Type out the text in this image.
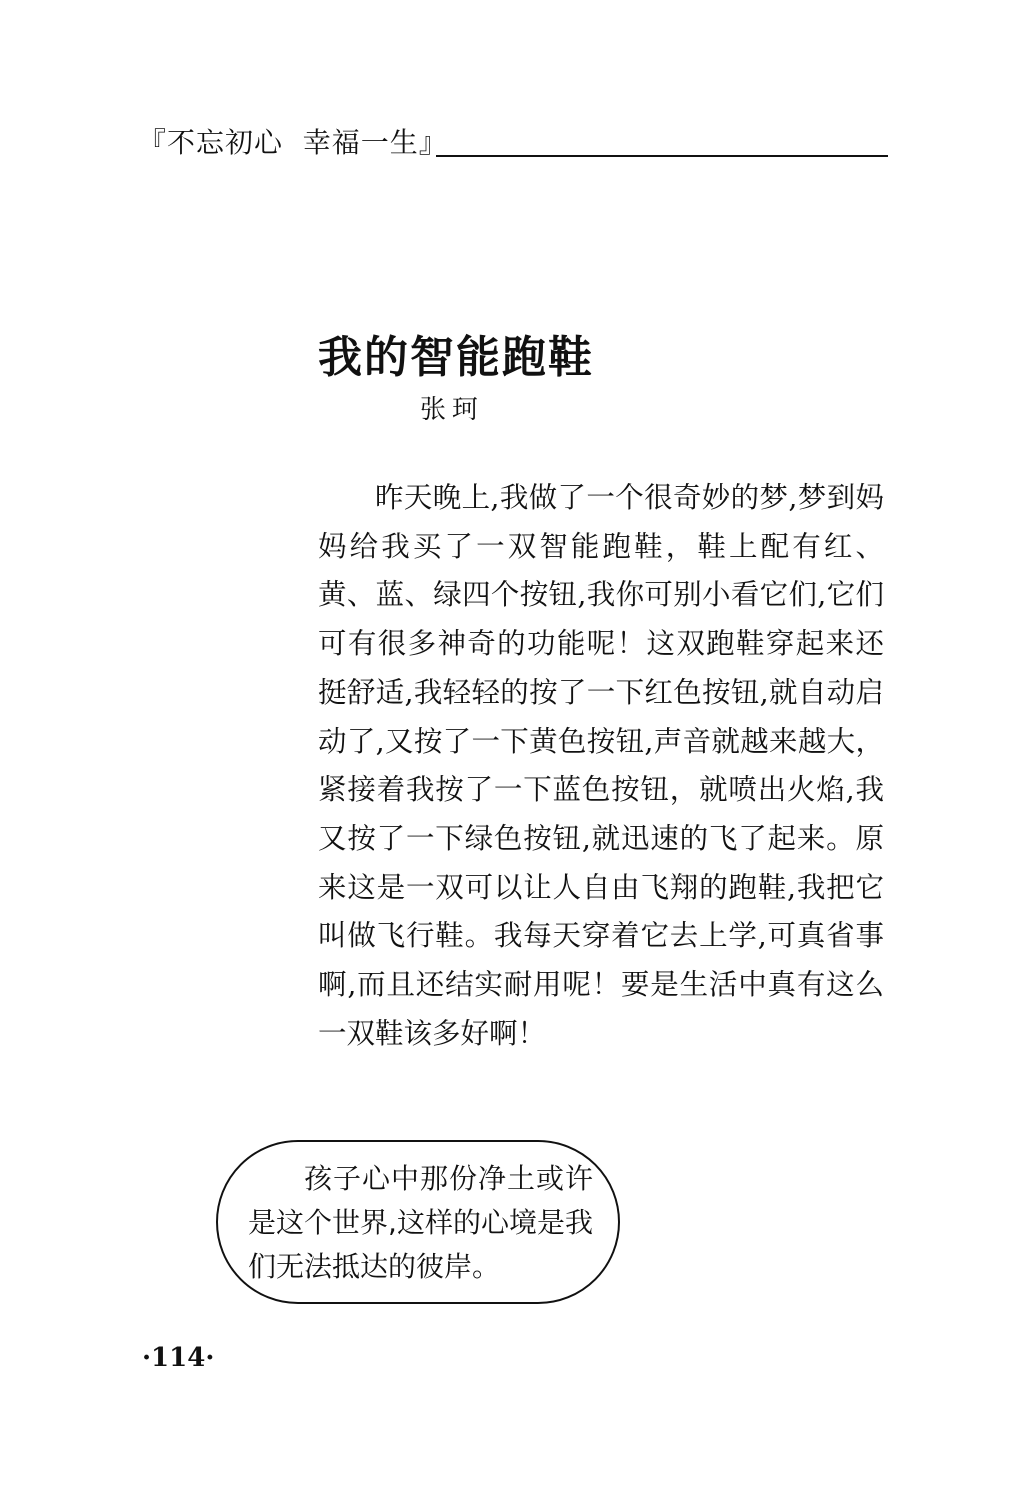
『不忘初心  幸福一生』
我的智能跑鞋
张珂

昨天晚上,我做了一个很奇妙的梦,梦到妈妈给我买了一双智能跑鞋，鞋上配有红、黄、蓝、绿四个按钮,我你可别小看它们,它们可有很多神奇的功能呢！这双跑鞋穿起来还挺舒适,我轻轻的按了一下红色按钮,就自动启动了,又按了一下黄色按钮,声音就越来越大，紧接着我按了一下蓝色按钮，就喷出火焰,我又按了一下绿色按钮,就迅速的飞了起来。原来这是一双可以让人自由飞翔的跑鞋,我把它叫做飞行鞋。我每天穿着它去上学,可真省事啊,而且还结实耐用呢！要是生活中真有这么一双鞋该多好啊！

孩子心中那份净土或许是这个世界,这样的心境是我们无法抵达的彼岸。

·114·
